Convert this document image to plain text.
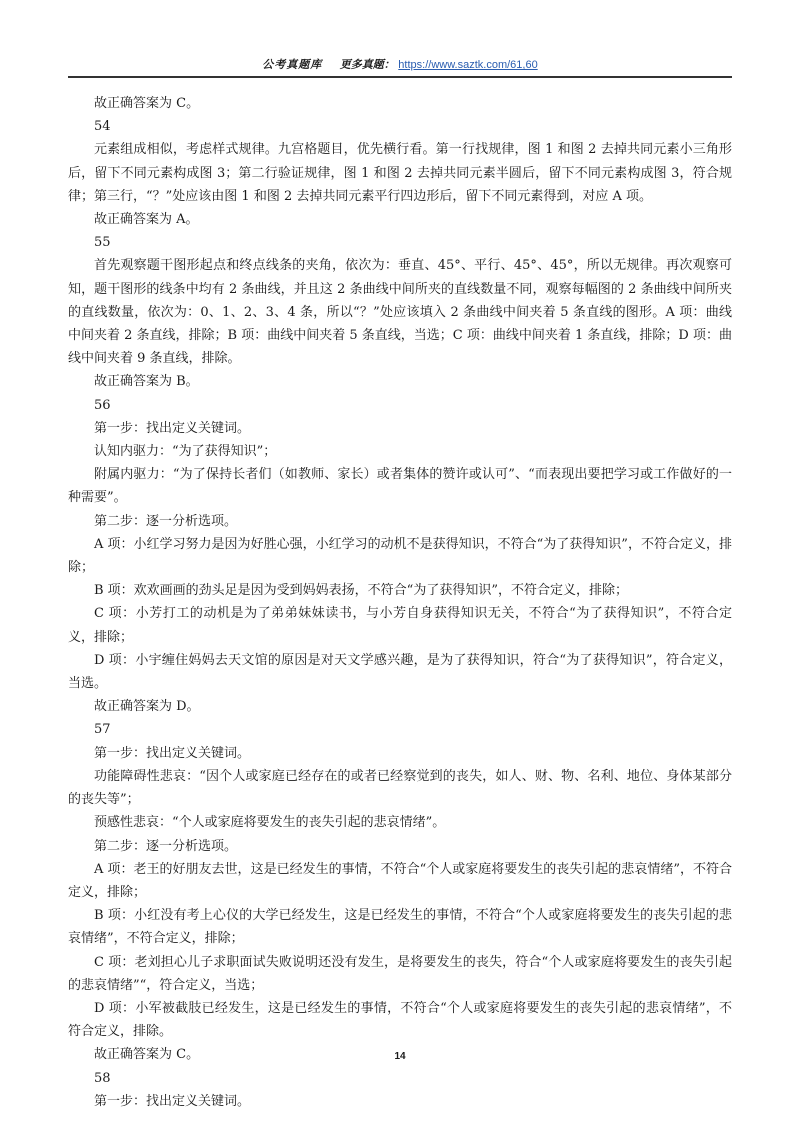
公考真题库 更多真题： https://www.saztk.com/61,60

故正确答案为 C。

54

元素组成相似，考虑样式规律。九宫格题目，优先横行看。第一行找规律，图 1 和图 2 去掉共同元素小三角形后，留下不同元素构成图 3；第二行验证规律，图 1 和图 2 去掉共同元素半圆后，留下不同元素构成图 3，符合规律；第三行，“？”处应该由图 1 和图 2 去掉共同元素平行四边形后，留下不同元素得到，对应 A 项。

故正确答案为 A。

55

首先观察题干图形起点和终点线条的夹角，依次为：垂直、45°、平行、45°、45°，所以无规律。再次观察可知，题干图形的线条中均有 2 条曲线，并且这 2 条曲线中间所夹的直线数量不同，观察每幅图的 2 条曲线中间所夹的直线数量，依次为：0、1、2、3、4 条，所以“？”处应该填入 2 条曲线中间夹着 5 条直线的图形。A 项：曲线中间夹着 2 条直线，排除；B 项：曲线中间夹着 5 条直线，当选；C 项：曲线中间夹着 1 条直线，排除；D 项：曲线中间夹着 9 条直线，排除。

故正确答案为 B。

56

第一步：找出定义关键词。

认知内驱力：“为了获得知识”；

附属内驱力：“为了保持长者们（如教师、家长）或者集体的赞许或认可”、“而表现出要把学习或工作做好的一种需要”。

第二步：逐一分析选项。

A 项：小红学习努力是因为好胜心强，小红学习的动机不是获得知识，不符合“为了获得知识”，不符合定义，排除；

B 项：欢欢画画的劲头足是因为受到妈妈表扬，不符合“为了获得知识”，不符合定义，排除；

C 项：小芳打工的动机是为了弟弟妹妹读书，与小芳自身获得知识无关，不符合“为了获得知识”，不符合定义，排除；

D 项：小宇缠住妈妈去天文馆的原因是对天文学感兴趣，是为了获得知识，符合“为了获得知识”，符合定义，当选。

故正确答案为 D。

57

第一步：找出定义关键词。

功能障碍性悲哀：“因个人或家庭已经存在的或者已经察觉到的丧失，如人、财、物、名利、地位、身体某部分的丧失等”；

预感性悲哀：“个人或家庭将要发生的丧失引起的悲哀情绪”。

第二步：逐一分析选项。

A 项：老王的好朋友去世，这是已经发生的事情，不符合“个人或家庭将要发生的丧失引起的悲哀情绪”，不符合定义，排除；

B 项：小红没有考上心仪的大学已经发生，这是已经发生的事情，不符合“个人或家庭将要发生的丧失引起的悲哀情绪”，不符合定义，排除；

C 项：老刘担心儿子求职面试失败说明还没有发生，是将要发生的丧失，符合“个人或家庭将要发生的丧失引起的悲哀情绪”“，符合定义，当选；

D 项：小军被截肢已经发生，这是已经发生的事情，不符合“个人或家庭将要发生的丧失引起的悲哀情绪”，不符合定义，排除。

故正确答案为 C。

58

第一步：找出定义关键词。

14
